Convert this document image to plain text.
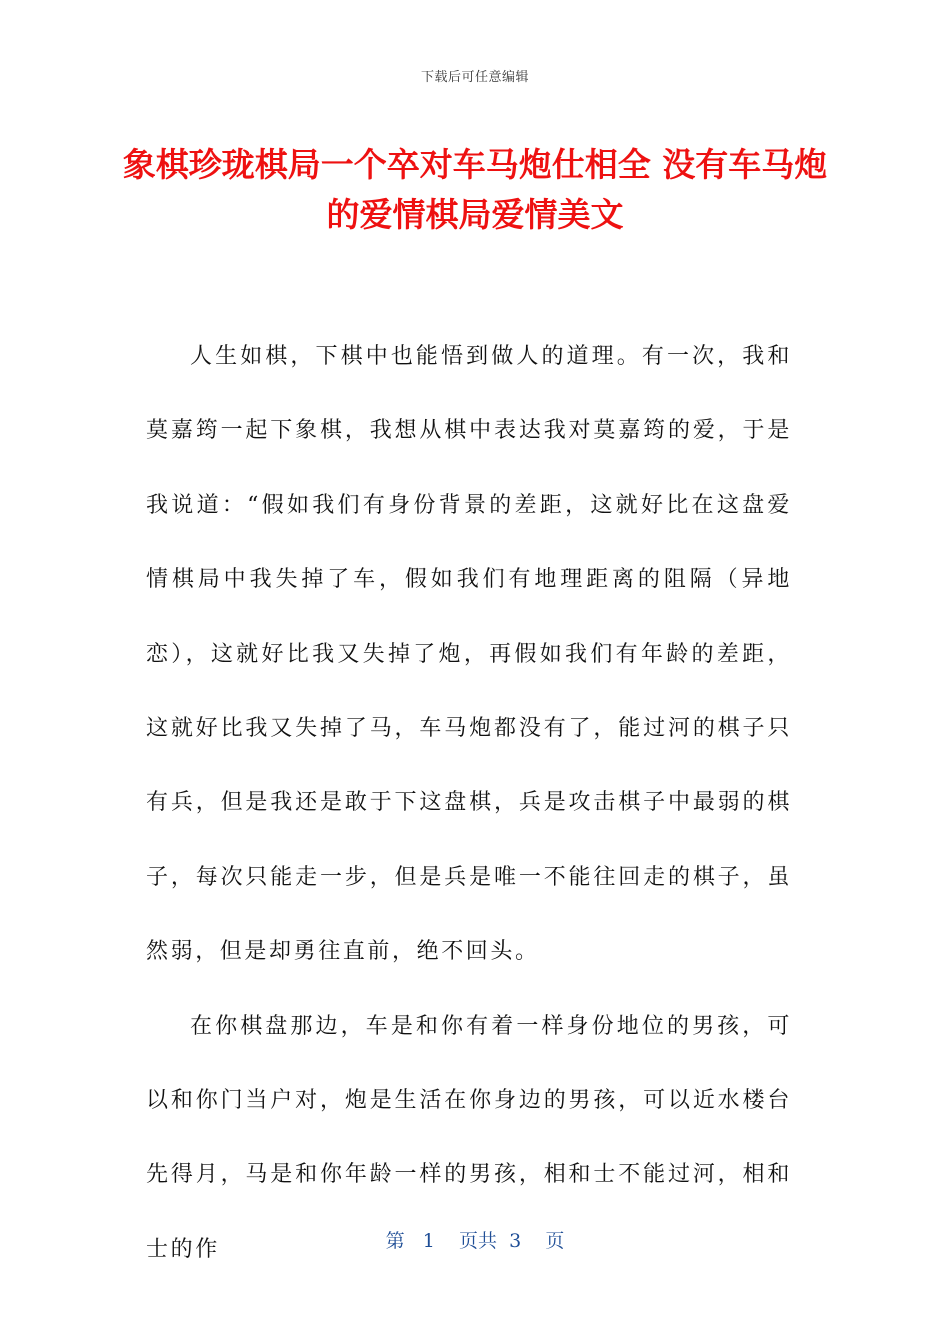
下载后可任意编辑
象棋珍珑棋局一个卒对车马炮仕相全 没有车马炮的爱情棋局爱情美文

人生如棋，下棋中也能悟到做人的道理。有一次，我和莫嘉筠一起下象棋，我想从棋中表达我对莫嘉筠的爱，于是我说道：“假如我们有身份背景的差距，这就好比在这盘爱情棋局中我失掉了车，假如我们有地理距离的阻隔（异地恋），这就好比我又失掉了炮，再假如我们有年龄的差距，这就好比我又失掉了马，车马炮都没有了，能过河的棋子只有兵，但是我还是敢于下这盘棋，兵是攻击棋子中最弱的棋子，每次只能走一步，但是兵是唯一不能往回走的棋子，虽然弱，但是却勇往直前，绝不回头。

在你棋盘那边，车是和你有着一样身份地位的男孩，可以和你门当户对，炮是生活在你身边的男孩，可以近水楼台先得月，马是和你年龄一样的男孩，相和士不能过河，相和士的作	第 1 页共 3 页
